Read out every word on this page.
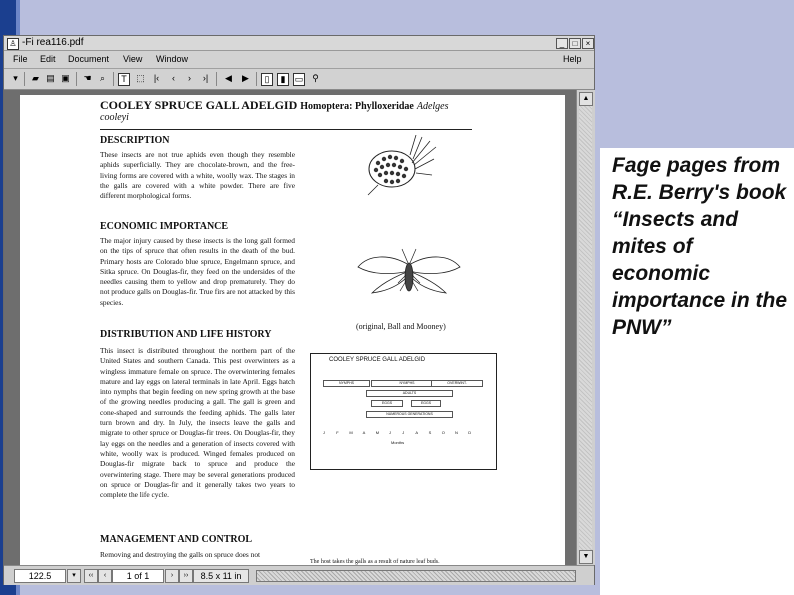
Fage pages from R.E. Berry's book “Insects and mites of economic importance in the PNW”
♙ -Fi rea116.pdf	_	□	×
File Edit Document View Window	Help
▾	▰ ▤ ▣ ☚ ⌕	T	⬚	|‹	‹	›	›|	◀	▶	▯	▮	▭ ⚲
COOLEY SPRUCE GALL ADELGID Homoptera: Phylloxeridae Adelges
cooleyi
DESCRIPTION
These insects are not true aphids even though they resemble aphids superficially. They are chocolate-brown, and the free-living forms are covered with a white, woolly wax. The stages in the galls are covered with a white powder. There are five different morphological forms.
ECONOMIC IMPORTANCE
The major injury caused by these insects is the long gall formed on the tips of spruce that often results in the death of the bud. Primary hosts are Colorado blue spruce, Engelmann spruce, and Sitka spruce. On Douglas-fir, they feed on the undersides of the needles causing them to yellow and drop prematurely. They do not produce galls on Douglas-fir. True firs are not attacked by this species.
DISTRIBUTION AND LIFE HISTORY
This insect is distributed throughout the northern part of the United States and southern Canada. This pest overwinters as a wingless immature female on spruce. The overwintering females mature and lay eggs on lateral terminals in late April. Eggs hatch into nymphs that begin feeding on new spring growth at the base of the growing needles producing a gall. The gall is green and cone-shaped and surrounds the feeding aphids. The galls later turn brown and dry. In July, the insects leave the galls and migrate to other spruce or Douglas-fir trees. On Douglas-fir, they lay eggs on the needles and a generation of insects covered with white, woolly wax is produced. Winged females produced on Douglas-fir migrate back to spruce and produce the overwintering stage. There may be several generations produced on spruce or Douglas-fir and it generally takes two years to complete the life cycle.
MANAGEMENT AND CONTROL
Removing and destroying the galls on spruce does not
(original, Ball and Mooney)
COOLEY SPRUCE GALL ADELGID
NYMPHS	NYMPHS	OVERWINT.
ADULTS
EGGS	EGGS
NUMEROUS GENERATIONS
J	F	M A	M J	J	A	S	O	N	D
Months
The host takes the galls as a result of nature leaf buds.
▲
▼
122.5	▾	‹‹	‹	1 of 1	›	››	8.5 x 11 in
